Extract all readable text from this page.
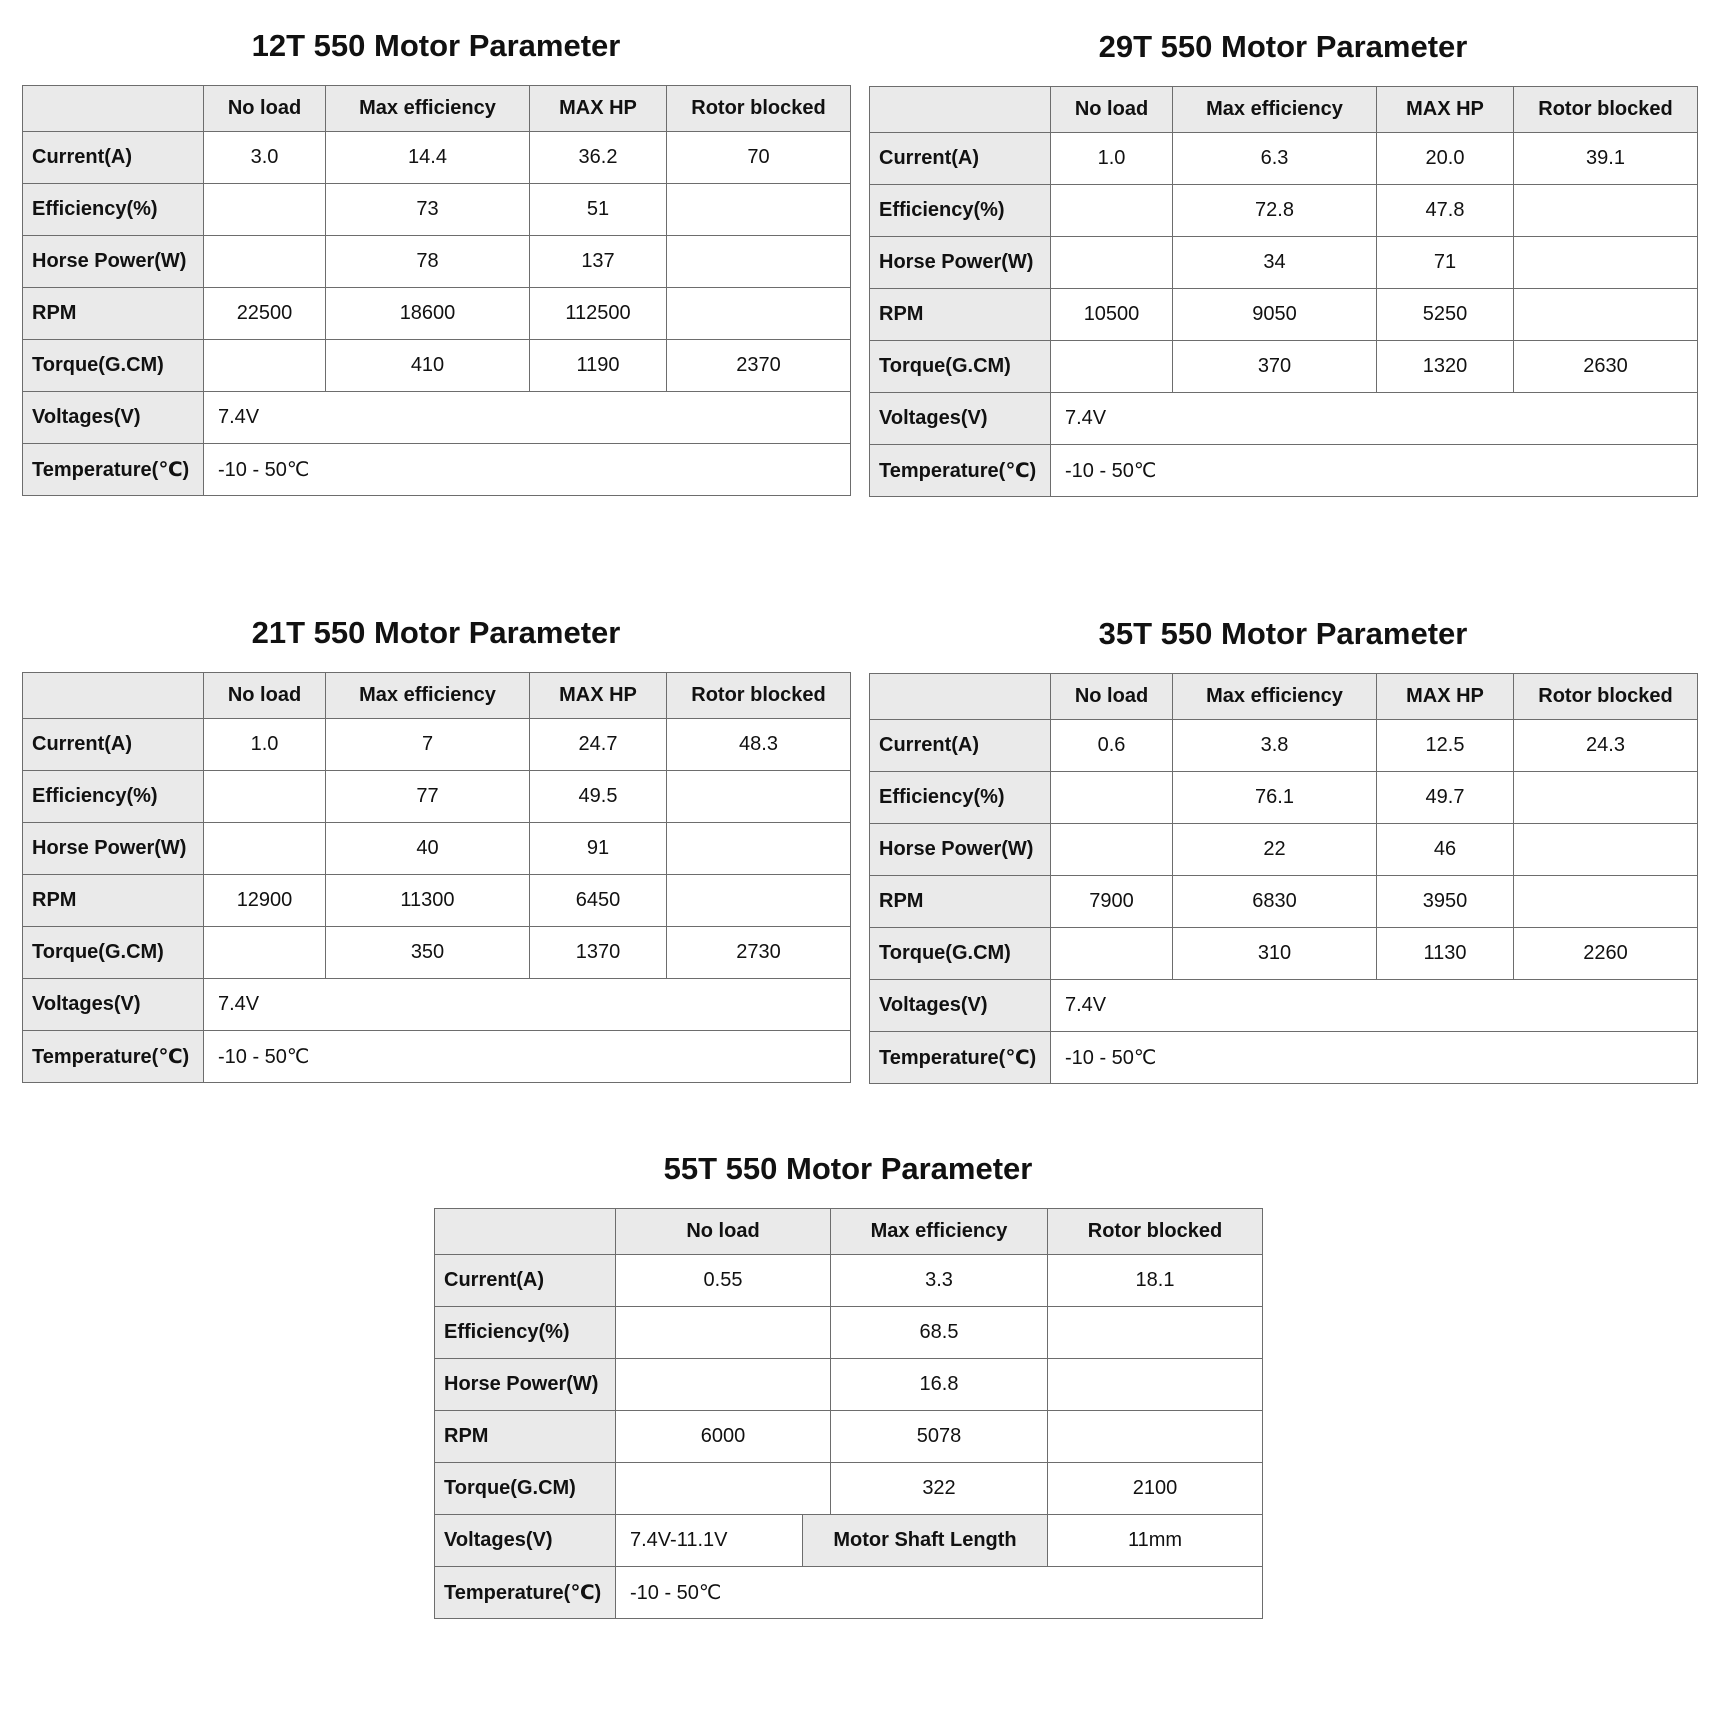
12T 550 Motor Parameter
	No load	Max efficiency	MAX HP	Rotor blocked
Current(A)	3.0	14.4	36.2	70
Efficiency(%)		73	51	
Horse Power(W)		78	137	
RPM	22500	18600	112500	
Torque(G.CM)		410	1190	2370
Voltages(V)	7.4V			
Temperature(℃)	-10 - 50℃			
29T 550 Motor Parameter
	No load	Max efficiency	MAX HP	Rotor blocked
Current(A)	1.0	6.3	20.0	39.1
Efficiency(%)		72.8	47.8	
Horse Power(W)		34	71	
RPM	10500	9050	5250	
Torque(G.CM)		370	1320	2630
Voltages(V)	7.4V			
Temperature(℃)	-10 - 50℃			
21T 550 Motor Parameter
	No load	Max efficiency	MAX HP	Rotor blocked
Current(A)	1.0	7	24.7	48.3
Efficiency(%)		77	49.5	
Horse Power(W)		40	91	
RPM	12900	11300	6450	
Torque(G.CM)		350	1370	2730
Voltages(V)	7.4V			
Temperature(℃)	-10 - 50℃			
35T 550 Motor Parameter
	No load	Max efficiency	MAX HP	Rotor blocked
Current(A)	0.6	3.8	12.5	24.3
Efficiency(%)		76.1	49.7	
Horse Power(W)		22	46	
RPM	7900	6830	3950	
Torque(G.CM)		310	1130	2260
Voltages(V)	7.4V			
Temperature(℃)	-10 - 50℃			
55T 550 Motor Parameter
	No load		Max efficiency	Rotor blocked
Current(A)	0.55		3.3	18.1
Efficiency(%)			68.5	
Horse Power(W)			16.8	
RPM	6000		5078	
Torque(G.CM)			322	2100
Voltages(V)	7.4V-11.1V	Motor Shaft Length		11mm
Temperature(℃)	-10 - 50℃			
